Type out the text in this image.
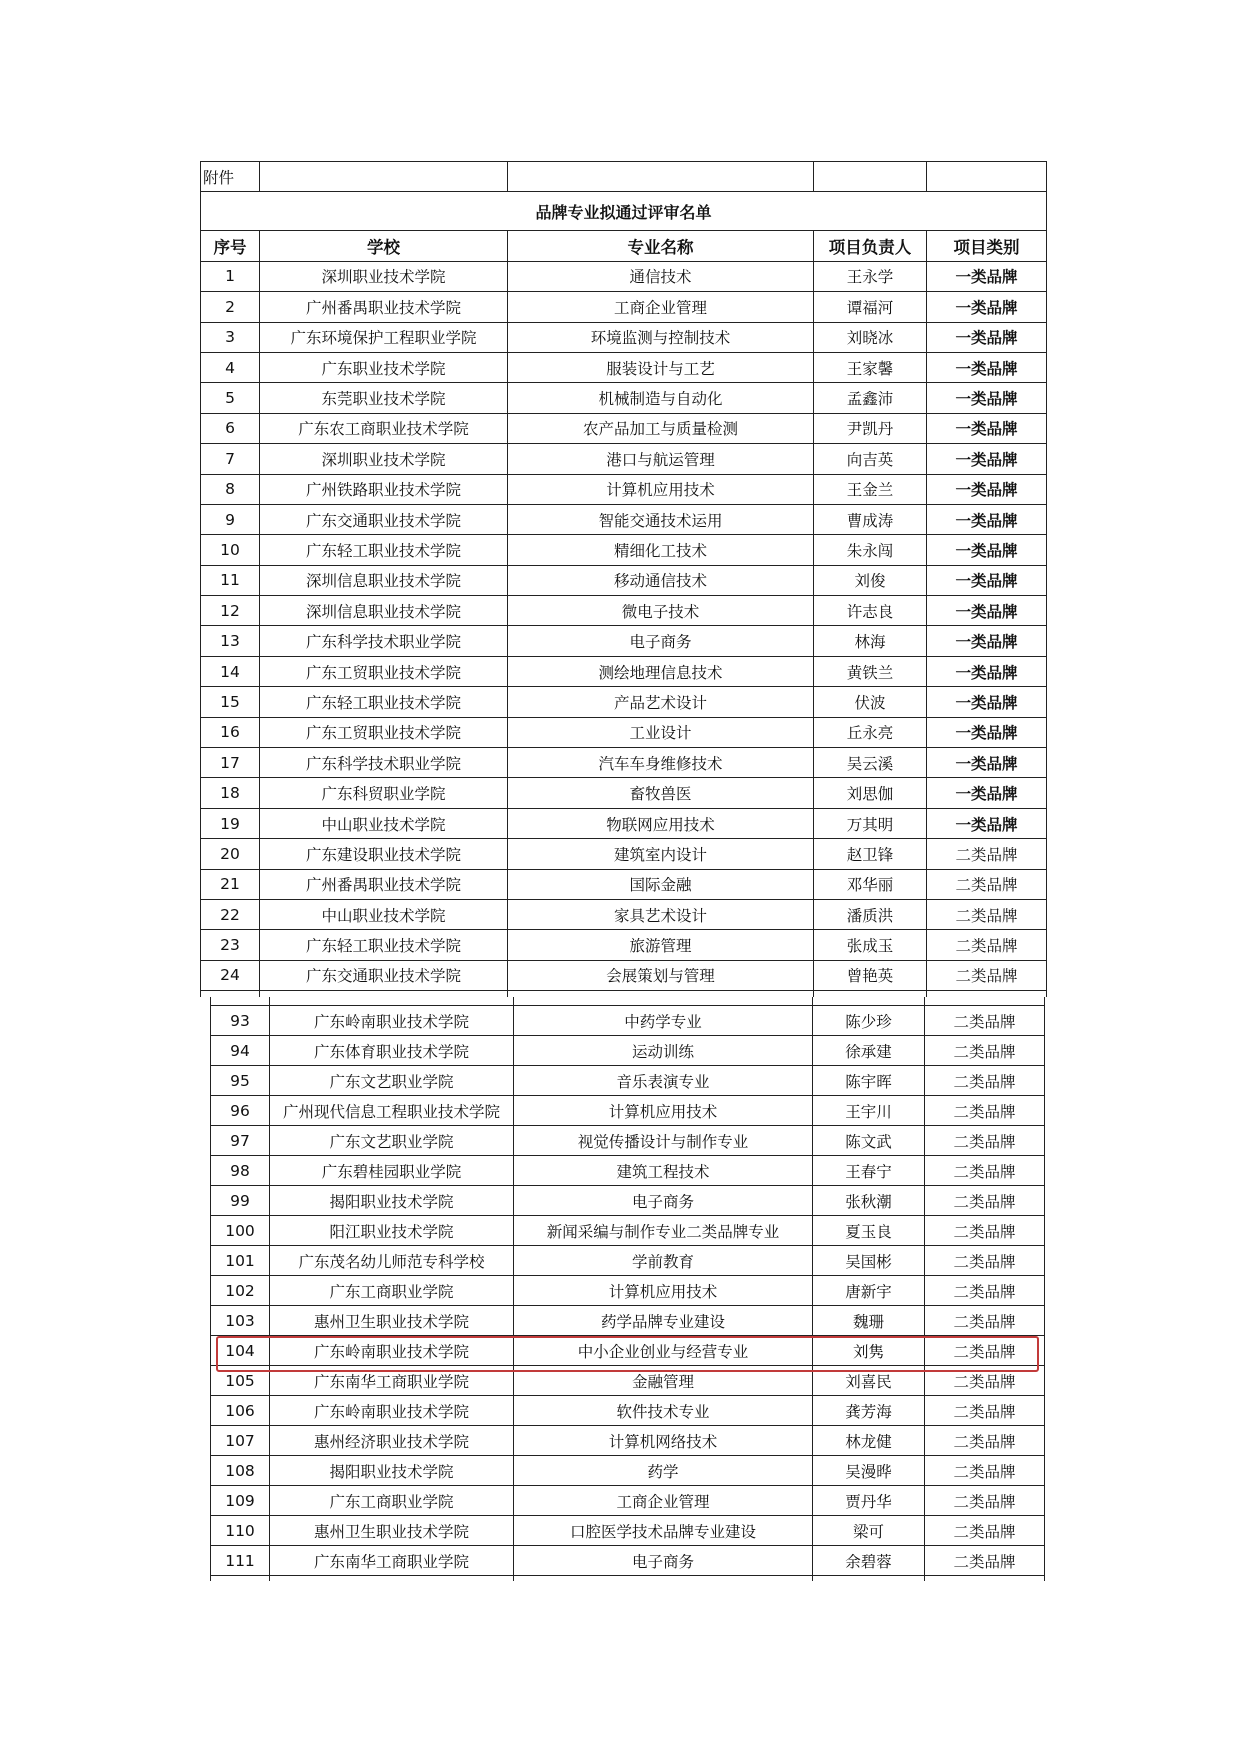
附件				
品牌专业拟通过评审名单				
序号	学校	专业名称	项目负责人	项目类别
1	深圳职业技术学院	通信技术	王永学	一类品牌
2	广州番禺职业技术学院	工商企业管理	谭福河	一类品牌
3	广东环境保护工程职业学院	环境监测与控制技术	刘晓冰	一类品牌
4	广东职业技术学院	服装设计与工艺	王家馨	一类品牌
5	东莞职业技术学院	机械制造与自动化	孟鑫沛	一类品牌
6	广东农工商职业技术学院	农产品加工与质量检测	尹凯丹	一类品牌
7	深圳职业技术学院	港口与航运管理	向吉英	一类品牌
8	广州铁路职业技术学院	计算机应用技术	王金兰	一类品牌
9	广东交通职业技术学院	智能交通技术运用	曹成涛	一类品牌
10	广东轻工职业技术学院	精细化工技术	朱永闯	一类品牌
11	深圳信息职业技术学院	移动通信技术	刘俊	一类品牌
12	深圳信息职业技术学院	微电子技术	许志良	一类品牌
13	广东科学技术职业学院	电子商务	林海	一类品牌
14	广东工贸职业技术学院	测绘地理信息技术	黄铁兰	一类品牌
15	广东轻工职业技术学院	产品艺术设计	伏波	一类品牌
16	广东工贸职业技术学院	工业设计	丘永亮	一类品牌
17	广东科学技术职业学院	汽车车身维修技术	吴云溪	一类品牌
18	广东科贸职业学院	畜牧兽医	刘思伽	一类品牌
19	中山职业技术学院	物联网应用技术	万其明	一类品牌
20	广东建设职业技术学院	建筑室内设计	赵卫锋	二类品牌
21	广州番禺职业技术学院	国际金融	邓华丽	二类品牌
22	中山职业技术学院	家具艺术设计	潘质洪	二类品牌
23	广东轻工职业技术学院	旅游管理	张成玉	二类品牌
24	广东交通职业技术学院	会展策划与管理	曾艳英	二类品牌

93	广东岭南职业技术学院	中药学专业	陈少珍	二类品牌
94	广东体育职业技术学院	运动训练	徐承建	二类品牌
95	广东文艺职业学院	音乐表演专业	陈宇晖	二类品牌
96	广州现代信息工程职业技术学院	计算机应用技术	王宇川	二类品牌
97	广东文艺职业学院	视觉传播设计与制作专业	陈文武	二类品牌
98	广东碧桂园职业学院	建筑工程技术	王春宁	二类品牌
99	揭阳职业技术学院	电子商务	张秋潮	二类品牌
100	阳江职业技术学院	新闻采编与制作专业二类品牌专业	夏玉良	二类品牌
101	广东茂名幼儿师范专科学校	学前教育	吴国彬	二类品牌
102	广东工商职业学院	计算机应用技术	唐新宇	二类品牌
103	惠州卫生职业技术学院	药学品牌专业建设	魏珊	二类品牌
104	广东岭南职业技术学院	中小企业创业与经营专业	刘隽	二类品牌
105	广东南华工商职业学院	金融管理	刘喜民	二类品牌
106	广东岭南职业技术学院	软件技术专业	龚芳海	二类品牌
107	惠州经济职业技术学院	计算机网络技术	林龙健	二类品牌
108	揭阳职业技术学院	药学	吴漫晔	二类品牌
109	广东工商职业学院	工商企业管理	贾丹华	二类品牌
110	惠州卫生职业技术学院	口腔医学技术品牌专业建设	梁可	二类品牌
111	广东南华工商职业学院	电子商务	余碧蓉	二类品牌
